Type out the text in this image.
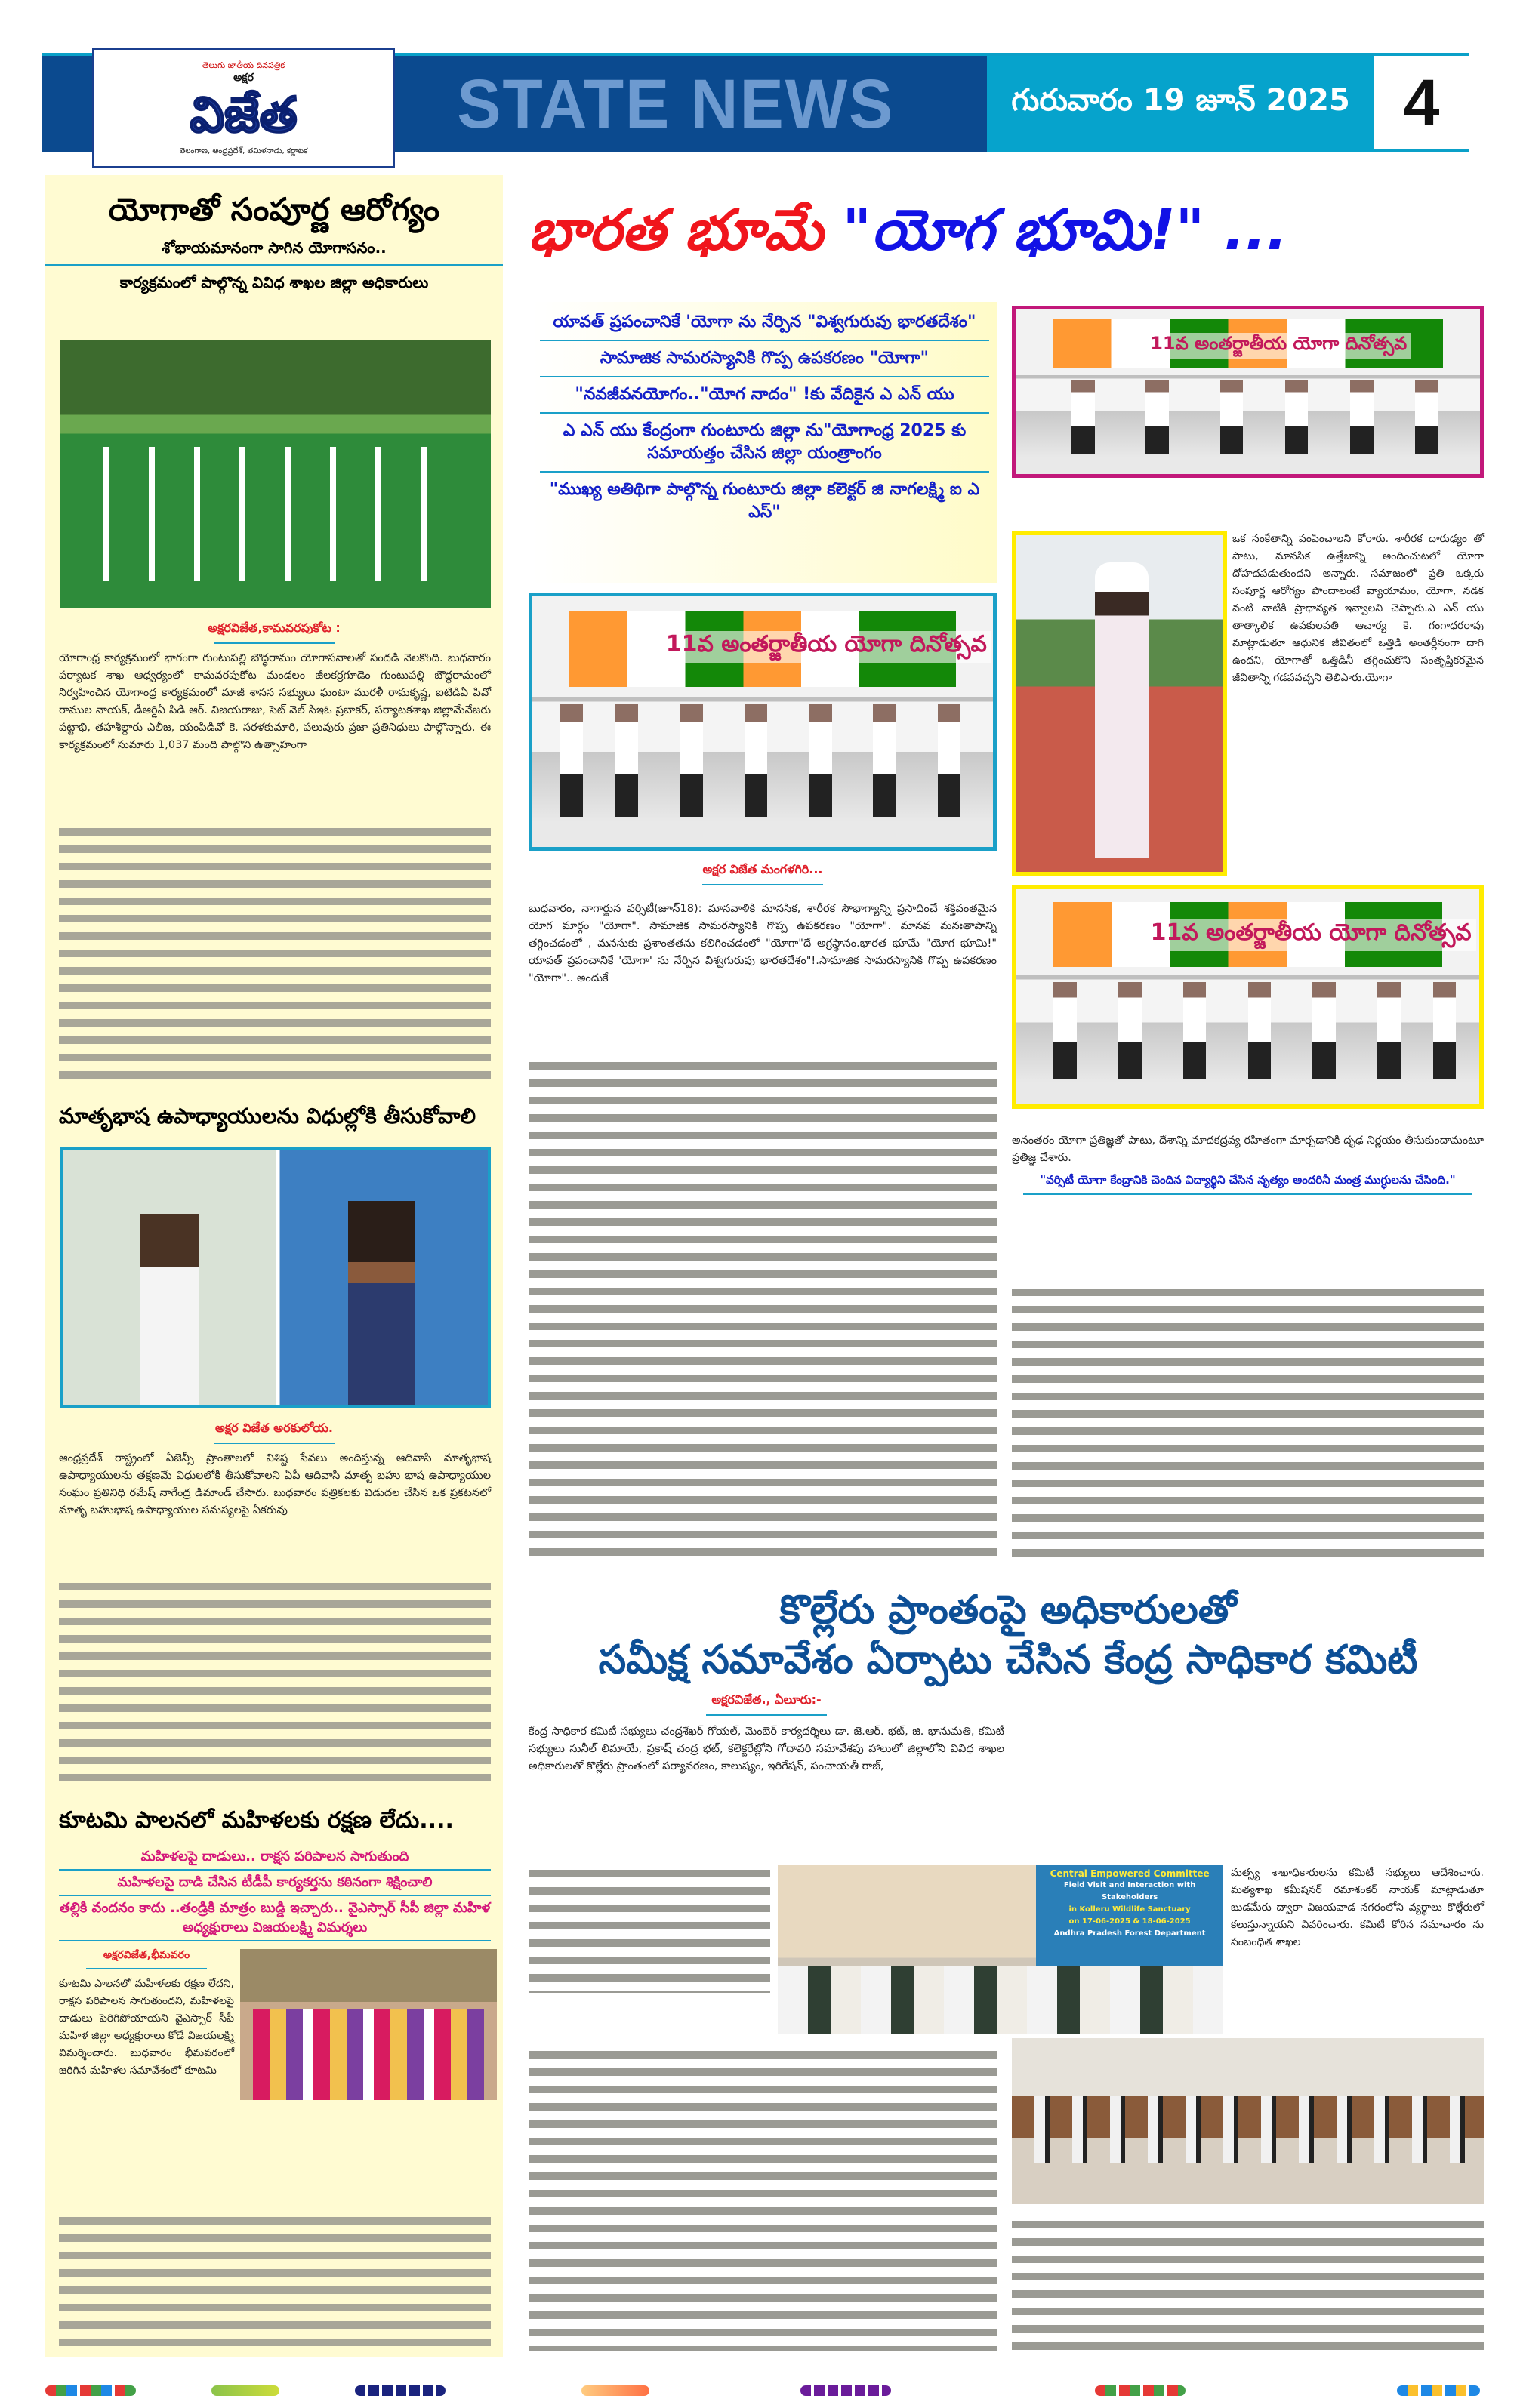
STATE NEWS	గురువారం 19 జూన్ 2025 4
తెలుగు జాతీయ దినపత్రిక
అక్షర
విజేత
తెలంగాణ, ఆంధ్రప్రదేశ్, తమిళనాడు, కర్ణాటక
యోగాతో సంపూర్ణ ఆరోగ్యం
శోభాయమానంగా సాగిన యోగాసనం..
కార్యక్రమంలో పాల్గొన్న వివిధ శాఖల జిల్లా అధికారులు
అక్షరవిజేత,కామవరపుకోట :
యోగాంధ్ర కార్యక్రమంలో భాగంగా గుంటుపల్లి బౌద్ధరామం యోగాసనాలతో సందడి నెలకొంది. బుధవారం పర్యాటక శాఖ ఆధ్వర్యంలో కామవరపుకోట మండలం జీలకర్రగూడెం గుంటుపల్లి బౌద్ధరామంలో నిర్వహించిన యోగాంధ్ర కార్యక్రమంలో మాజీ శాసన సభ్యులు ఘంటా మురళీ రామకృష్ణ, ఐటిడిఏ పివో రాముల నాయక్, డీఆర్డిఏ పిడి ఆర్. విజయరాజు, సెట్ వెల్ సిఇఓ ప్రబాకర్, పర్యాటకశాఖ జిల్లామేనేజరు పట్టాభి, తహశీల్దారు ఎలీజ, యంపిడివో కె. సరళకుమారి, పలువురు ప్రజా ప్రతినిధులు పాల్గొన్నారు. ఈ కార్యక్రమంలో సుమారు 1,037 మంది పాల్గొని ఉత్సాహంగా
మాతృభాష ఉపాధ్యాయులను విధుల్లోకి తీసుకోవాలి
అక్షర విజేత అరకులోయ.
ఆంధ్రప్రదేశ్ రాష్ట్రంలో ఏజెన్సీ ప్రాంతాలలో విశిష్ట సేవలు అందిస్తున్న ఆదివాసి మాతృభాష ఉపాధ్యాయులను తక్షణమే విధులలోకి తీసుకోవాలని ఏపీ ఆదివాసి మాతృ బహు భాష ఉపాధ్యాయుల సంఘం ప్రతినిధి రమేష్ నాగేంద్ర డిమాండ్ చేసారు. బుధవారం పత్రికలకు విడుదల చేసిన ఒక ప్రకటనలో మాతృ బహుభాష ఉపాధ్యాయుల సమస్యలపై ఏకరువు
కూటమి పాలనలో మహిళలకు రక్షణ లేదు....
మహిళలపై దాడులు.. రాక్షస పరిపాలన సాగుతుంది
మహిళలపై దాడి చేసిన టీడీపీ కార్యకర్తను కఠినంగా శిక్షించాలి
తల్లికి వందనం కాదు ..తండ్రికి మాత్రం బుడ్డి ఇచ్చారు.. వైఎస్సార్ సీపీ జిల్లా మహిళ అధ్యక్షురాలు విజయలక్ష్మి విమర్శలు
అక్షరవిజేత,భీమవరం
కూటమి పాలనలో మహిళలకు రక్షణ లేదని, రాక్షస పరిపాలన సాగుతుందని, మహిళలపై దాడులు పెరిగిపోయాయని వైఎస్సార్ సీపీ మహిళ జిల్లా అధ్యక్షురాలు కోడే విజయలక్ష్మి విమర్శించారు. బుధవారం భీమవరంలో జరిగిన మహిళల సమావేశంలో కూటమి
భారత భూమే "యోగ భూమి!" ...
యావత్ ప్రపంచానికే 'యోగా ను నేర్పిన "విశ్వగురువు భారతదేశం"
సామాజిక సామరస్యానికి గొప్ప ఉపకరణం "యోగా"
"నవజీవనయోగం.."యోగ నాదం" !కు వేదికైన ఎ ఎన్ యు
ఎ ఎన్ యు కేంద్రంగా గుంటూరు జిల్లా ను"యోగాంధ్ర 2025 కు సమాయత్తం చేసిన జిల్లా యంత్రాంగం
"ముఖ్య అతిథిగా పాల్గొన్న గుంటూరు జిల్లా కలెక్టర్ జి నాగలక్ష్మి ఐ ఎ ఎస్"
11వ అంతర్జాతీయ యోగా దినోత్సవ
11వ అంతర్జాతీయ యోగా దినోత్సవ
అక్షర విజేత మంగళగిరి...
బుధవారం, నాగార్జున వర్సిటీ(జూన్18): మానవాళికి మానసిక, శారీరక సౌభాగ్యాన్ని ప్రసాదించే శక్తివంతమైన యోగ మార్గం "యోగా". సామాజిక సామరస్యానికి గొప్ప ఉపకరణం "యోగా". మానవ మనఃతాపాన్ని తగ్గించడంలో , మనసుకు ప్రశాంతతను కలిగించడంలో "యోగా"దే అగ్రస్థానం.భారత భూమే "యోగ భూమి!" యావత్ ప్రపంచానికే 'యోగా' ను నేర్పిన విశ్వగురువు భారతదేశం"!.సామాజిక సామరస్యానికి గొప్ప ఉపకరణం "యోగా".. అందుకే
ఒక సంకేతాన్ని పంపించాలని కోరారు. శారీరక దారుఢ్యం తో పాటు, మానసిక ఉత్తేజాన్ని అందించుటలో యోగా దోహదపడుతుందని అన్నారు. సమాజంలో ప్రతి ఒక్కరు సంపూర్ణ ఆరోగ్యం పొందాలంటే వ్యాయామం, యోగా, నడక వంటి వాటికి ప్రాధాన్యత ఇవ్వాలని చెప్పారు.ఎ ఎన్ యు తాత్కాలిక ఉపకులపతి ఆచార్య కె. గంగాధరరావు మాట్లాడుతూ ఆధునిక జీవితంలో ఒత్తిడి అంతర్లీనంగా దాగి ఉందని, యోగాతో ఒత్తిడినీ తగ్గించుకొని సంతృప్తికరమైన జీవితాన్ని గడపవచ్చని తెలిపారు.యోగా
11వ అంతర్జాతీయ యోగా దినోత్సవ
అనంతరం యోగా ప్రతిజ్ఞతో పాటు, దేశాన్ని మాదకద్రవ్య రహితంగా మార్చడానికి దృఢ నిర్ణయం తీసుకుందామంటూ ప్రతిజ్ఞ చేశారు.
"వర్సిటీ యోగా కేంద్రానికి చెందిన విద్యార్థిని చేసిన నృత్యం అందరినీ మంత్ర ముగ్ధులను చేసింది."
కొల్లేరు ప్రాంతంపై అధికారులతో
సమీక్ష సమావేశం ఏర్పాటు చేసిన కేంద్ర సాధికార కమిటీ
అక్షరవిజేత., ఏలూరు:-
కేంద్ర సాధికార కమిటీ సభ్యులు చంద్రశేఖర్ గోయల్, మెంబెర్ కార్యదర్శిలు డా. జె.ఆర్. భట్, జి. భానుమతి, కమిటీ సభ్యులు సునీల్ లిమాయే, ప్రకాష్ చంద్ర భట్, కలెక్టరేట్లోని గోదావరి సమావేశపు హాలులో జిల్లాలోని వివిధ శాఖల అధికారులతో కొల్లేరు ప్రాంతంలో పర్యావరణం, కాలుష్యం, ఇరిగేషన్, పంచాయతీ రాజ్,
Central Empowered Committee
Field Visit and Interaction with Stakeholders
in Kolleru Wildlife Sanctuary
on 17-06-2025 & 18-06-2025
Andhra Pradesh Forest Department
మత్స్య శాఖాధికారులను కమిటీ సభ్యులు ఆదేశించారు. మత్యశాఖ కమీషనర్ రమాశంకర్ నాయక్ మాట్లాడుతూ బుడమేరు ద్వారా విజయవాడ నగరంలోని వ్యర్థాలు కొల్లేరులో కలుస్తున్నాయని వివరించారు. కమిటీ కోరిన సమాచారం ను సంబంధిత శాఖల
